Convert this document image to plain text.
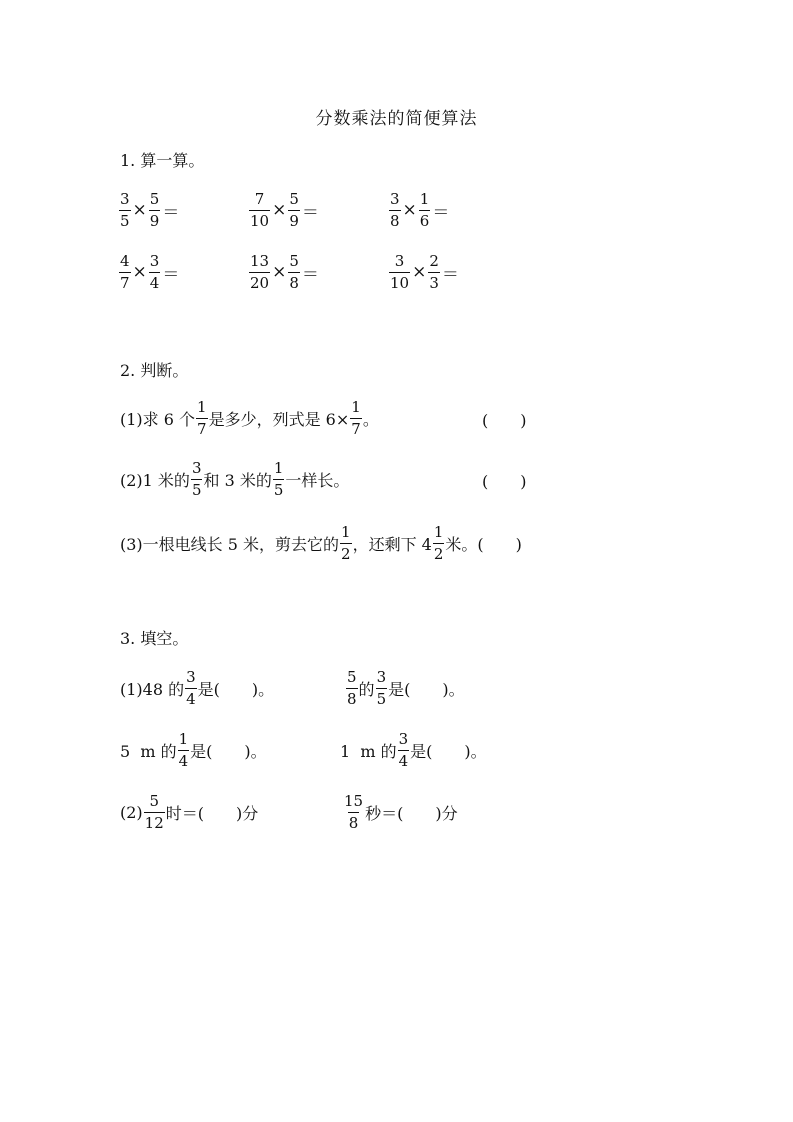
分数乘法的简便算法
1. 算一算。
$\frac{3}{5} \times \frac{5}{9}$ ＝	$\frac{7}{10} \times \frac{5}{9}$ ＝	$\frac{3}{8} \times \frac{1}{6}$ ＝
$\frac{4}{7} \times \frac{3}{4}$ ＝	$\frac{13}{20} \times \frac{5}{8}$ ＝	$\frac{3}{10} \times \frac{2}{3}$ ＝
2. 判断。
(1)求 6 个 $\frac{1}{7}$ 是多少，列式是 $6\times \frac{1}{7}$ 。	(　　)
(2)1 米的 $\frac{3}{5}$ 和 3 米的 $\frac{1}{5}$ 一样长。	(　　)
(3)一根电线长 5 米，剪去它的 $\frac{1}{2}$ ，还剩下 $4 \frac{1}{2}$ 米。 (　　)
3. 填空。
(1)48 的 $\frac{3}{4}$ 是(　　)。	$\frac{5}{8}$ 的 $\frac{3}{5}$ 是(　　)。
5  m 的 $\frac{1}{4}$ 是(　　)。	1  m 的 $\frac{3}{4}$ 是(　　)。
$(2) \frac{5}{12}$ 时＝(　　)分	$\frac{15}{8}$ 秒＝(　　)分
